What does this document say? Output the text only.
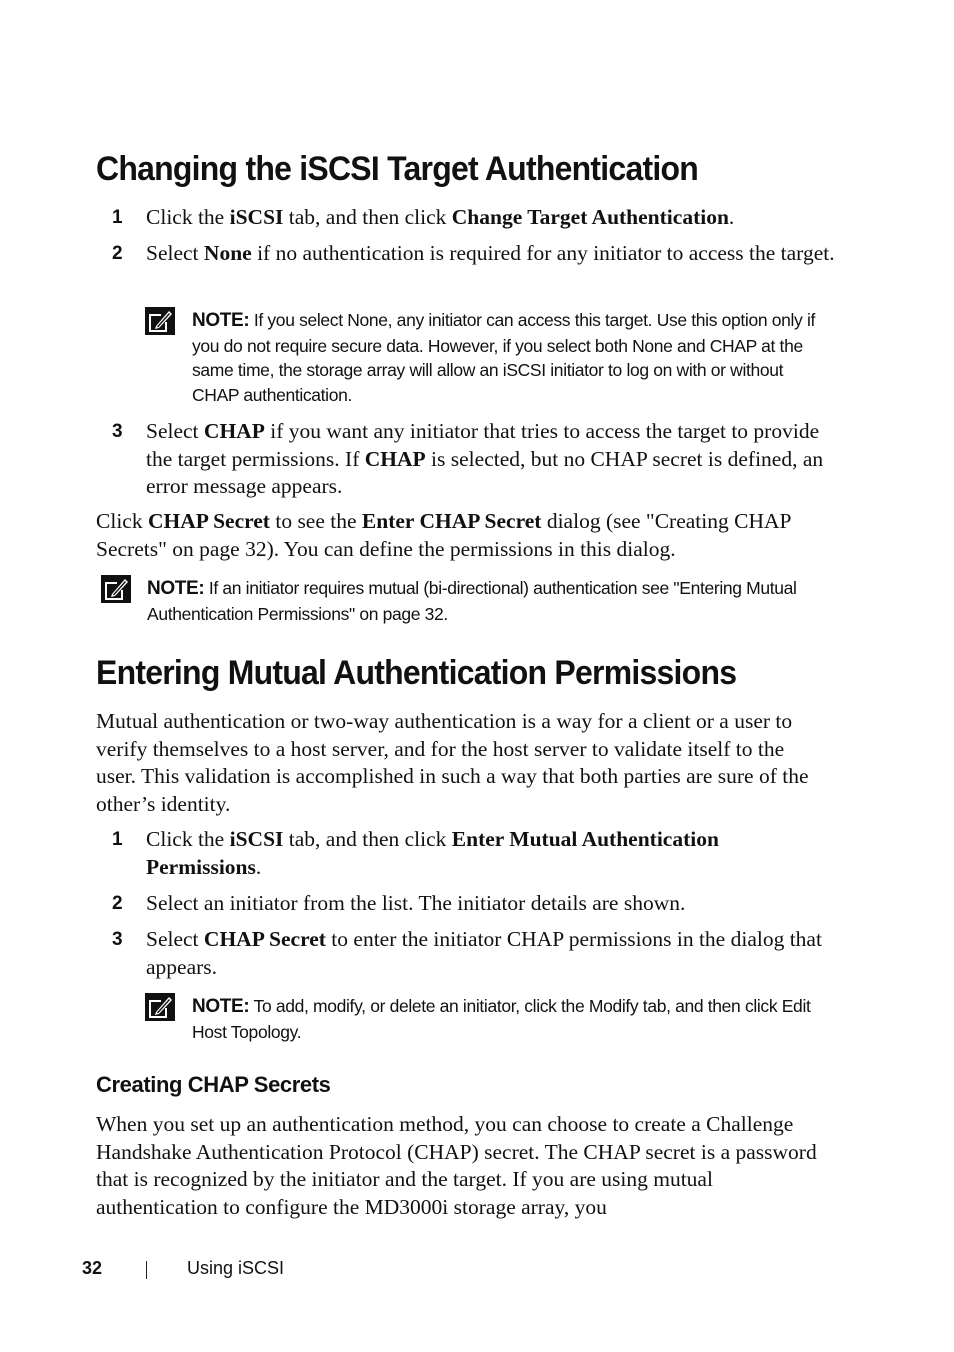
Changing the iSCSI Target Authentication
1 Click the iSCSI tab, and then click Change Target Authentication.

2 Select None if no authentication is required for any initiator to access the target.

NOTE: If you select None, any initiator can access this target. Use this option only if you do not require secure data. However, if you select both None and CHAP at the same time, the storage array will allow an iSCSI initiator to log on with or without CHAP authentication.

3 Select CHAP if you want any initiator that tries to access the target to provide the target permissions. If CHAP is selected, but no CHAP secret is defined, an error message appears.

Click CHAP Secret to see the Enter CHAP Secret dialog (see "Creating CHAP Secrets" on page 32). You can define the permissions in this dialog.

NOTE: If an initiator requires mutual (bi-directional) authentication see "Entering Mutual Authentication Permissions" on page 32.

Entering Mutual Authentication Permissions

Mutual authentication or two-way authentication is a way for a client or a user to verify themselves to a host server, and for the host server to validate itself to the user. This validation is accomplished in such a way that both parties are sure of the other’s identity.

1 Click the iSCSI tab, and then click Enter Mutual Authentication Permissions.

2 Select an initiator from the list. The initiator details are shown.

3 Select CHAP Secret to enter the initiator CHAP permissions in the dialog that appears.

NOTE: To add, modify, or delete an initiator, click the Modify tab, and then click Edit Host Topology.

Creating CHAP Secrets

When you set up an authentication method, you can choose to create a Challenge Handshake Authentication Protocol (CHAP) secret. The CHAP secret is a password that is recognized by the initiator and the target. If you are using mutual authentication to configure the MD3000i storage array, you

32	Using iSCSI
